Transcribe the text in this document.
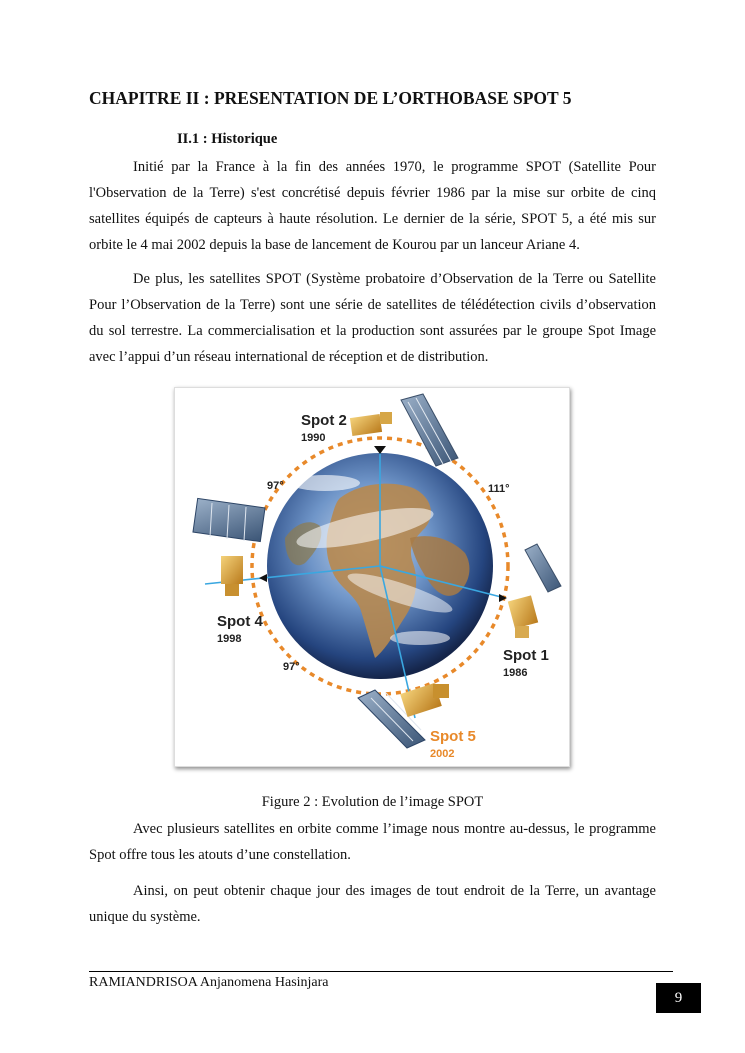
CHAPITRE II : PRESENTATION DE L’ORTHOBASE SPOT 5
II.1 : Historique

Initié par la France à la fin des années 1970, le programme SPOT (Satellite Pour l'Observation de la Terre) s'est concrétisé depuis février 1986 par la mise sur orbite de cinq satellites équipés de capteurs à haute résolution. Le dernier de la série, SPOT 5, a été mis sur orbite le 4 mai 2002 depuis la base de lancement de Kourou par un lanceur Ariane 4.

De plus, les satellites SPOT (Système probatoire d’Observation de la Terre ou Satellite Pour l’Observation de la Terre) sont une série de satellites de télédétection civils d’observation du sol terrestre. La commercialisation et la production sont assurées par le groupe Spot Image avec l’appui d’un réseau international de réception et de distribution.

Spot 2
1990
Spot 4
1998
Spot 1
1986
Spot 5
2002
97°	111°
97°
Figure 2 : Evolution de l’image SPOT

Avec plusieurs satellites en orbite comme l’image nous montre au-dessus, le programme Spot offre tous les atouts d’une constellation.

Ainsi, on peut obtenir chaque jour des images de tout endroit de la Terre, un avantage unique du système.

RAMIANDRISOA Anjanomena Hasinjara
9
